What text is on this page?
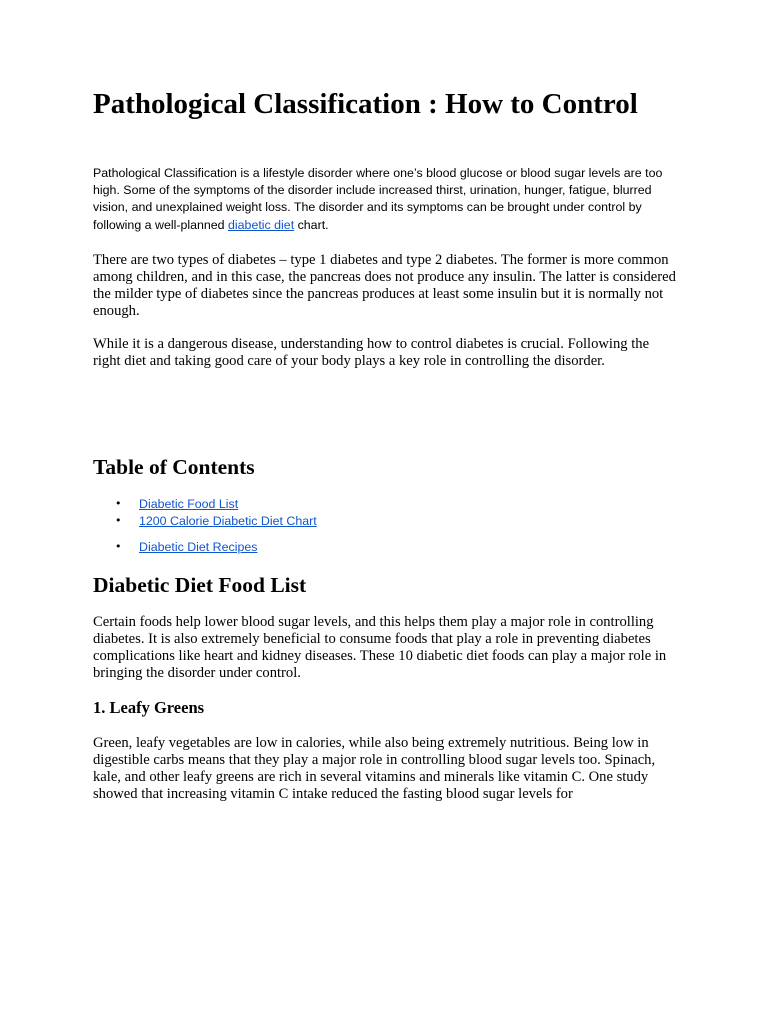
Pathological Classification : How to Control

Pathological Classification is a lifestyle disorder where one’s blood glucose or blood sugar levels are too high. Some of the symptoms of the disorder include increased thirst, urination, hunger, fatigue, blurred vision, and unexplained weight loss. The disorder and its symptoms can be brought under control by following a well-planned diabetic diet chart.

There are two types of diabetes – type 1 diabetes and type 2 diabetes. The former is more common among children, and in this case, the pancreas does not produce any insulin. The latter is considered the milder type of diabetes since the pancreas produces at least some insulin but it is normally not enough.

While it is a dangerous disease, understanding how to control diabetes is crucial. Following the right diet and taking good care of your body plays a key role in controlling the disorder.

Table of Contents
• Diabetic Food List
• 1200 Calorie Diabetic Diet Chart
• Diabetic Diet Recipes
Diabetic Diet Food List

Certain foods help lower blood sugar levels, and this helps them play a major role in controlling diabetes. It is also extremely beneficial to consume foods that play a role in preventing diabetes complications like heart and kidney diseases. These 10 diabetic diet foods can play a major role in bringing the disorder under control.

1. Leafy Greens

Green, leafy vegetables are low in calories, while also being extremely nutritious. Being low in digestible carbs means that they play a major role in controlling blood sugar levels too. Spinach, kale, and other leafy greens are rich in several vitamins and minerals like vitamin C. One study showed that increasing vitamin C intake reduced the fasting blood sugar levels for
